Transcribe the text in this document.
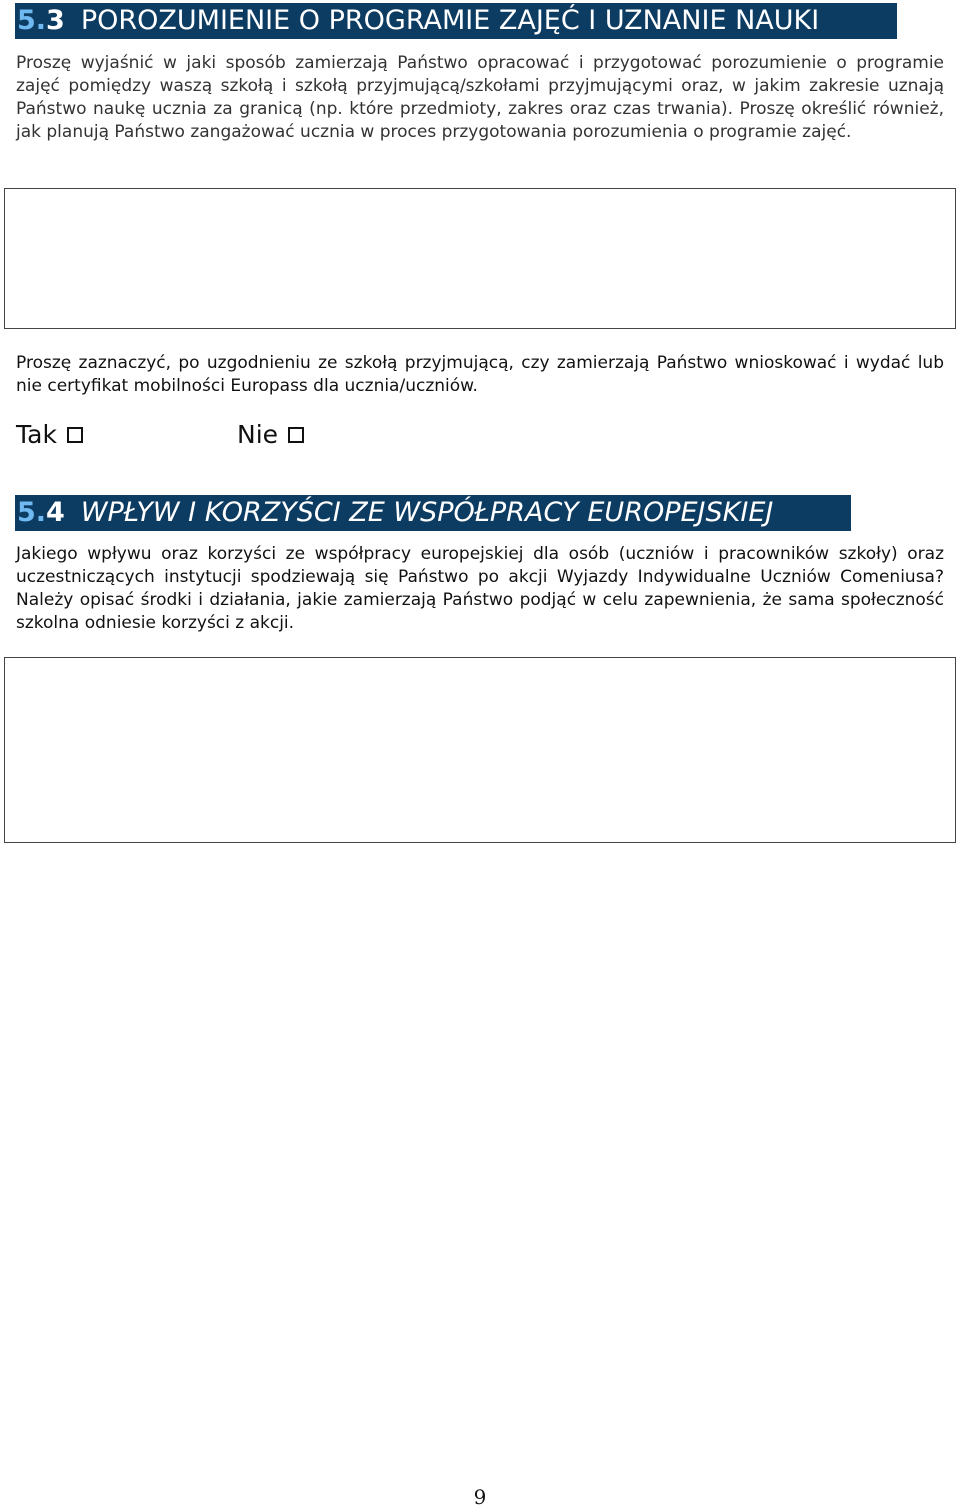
5.3 POROZUMIENIE O PROGRAMIE ZAJĘĆ I UZNANIE NAUKI

Proszę wyjaśnić w jaki sposób zamierzają Państwo opracować i przygotować porozumienie o programie zajęć pomiędzy waszą szkołą i szkołą przyjmującą/szkołami przyjmującymi oraz, w jakim zakresie uznają Państwo naukę ucznia za granicą (np. które przedmioty, zakres oraz czas trwania). Proszę określić również, jak planują Państwo zangażować ucznia w proces przygotowania porozumienia o programie zajęć.

Proszę zaznaczyć, po uzgodnieniu ze szkołą przyjmującą, czy zamierzają Państwo wnioskować i wydać lub nie certyfikat mobilności Europass dla ucznia/uczniów.

Tak	Nie
5.4 WPŁYW I KORZYŚCI ZE WSPÓŁPRACY EUROPEJSKIEJ

Jakiego wpływu oraz korzyści ze współpracy europejskiej dla osób (uczniów i pracowników szkoły) oraz uczestniczących instytucji spodziewają się Państwo po akcji Wyjazdy Indywidualne Uczniów Comeniusa? Należy opisać środki i działania, jakie zamierzają Państwo podjąć w celu zapewnienia, że sama społeczność szkolna odniesie korzyści z akcji.

9
